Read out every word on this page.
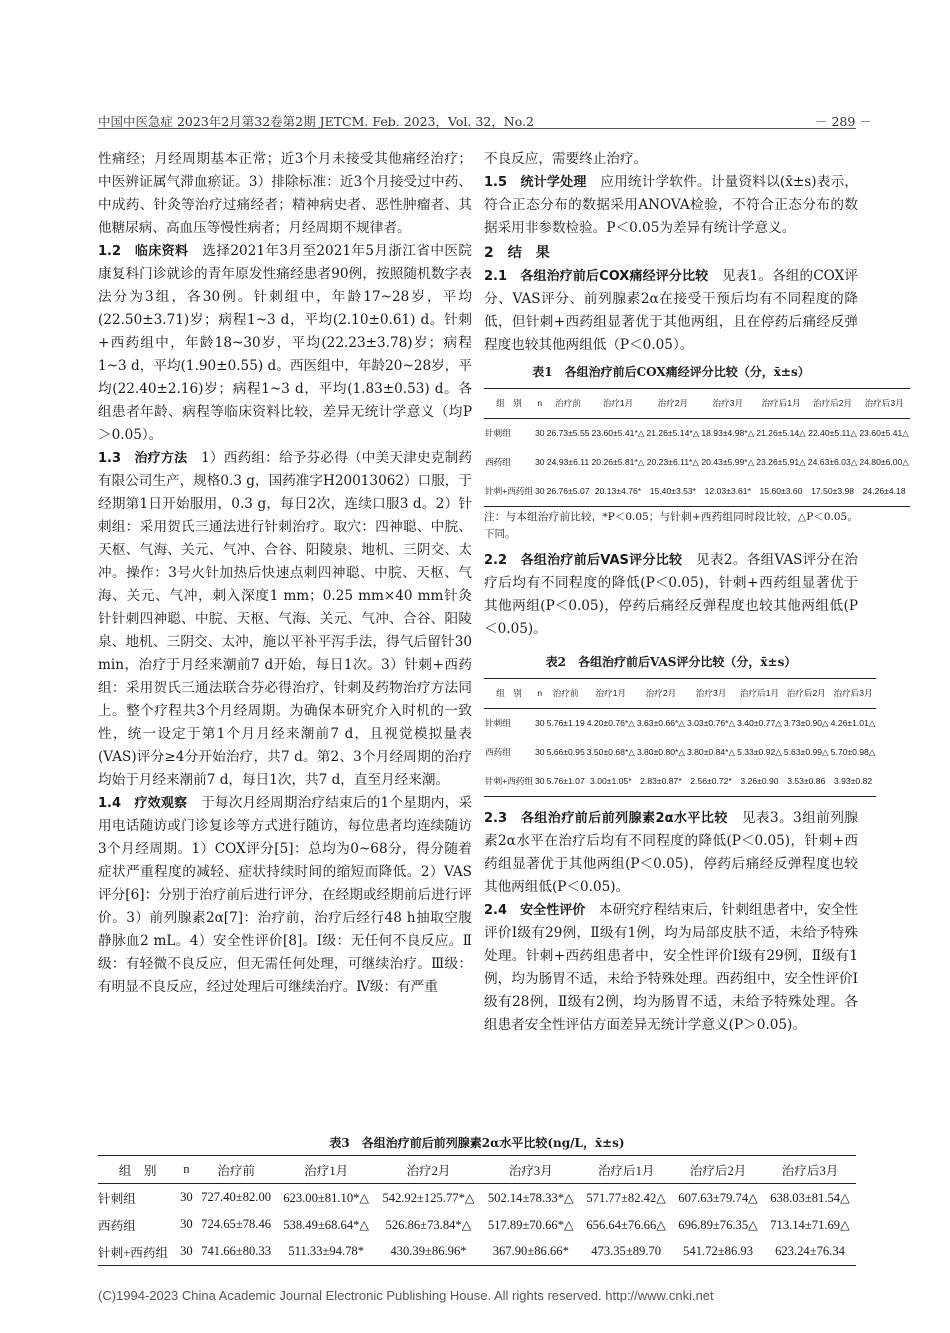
中国中医急症 2023年2月第32卷第2期 JETCM. Feb. 2023，Vol. 32，No.2	－ 289 －

性痛经；月经周期基本正常；近3个月未接受其他痛经治疗；中医辨证属气滞血瘀证。3）排除标准：近3个月接受过中药、中成药、针灸等治疗过痛经者；精神病史者、恶性肿瘤者、其他糖尿病、高血压等慢性病者；月经周期不规律者。

1.2　临床资料　选择2021年3月至2021年5月浙江省中医院康复科门诊就诊的青年原发性痛经患者90例，按照随机数字表法分为3组，各30例。针刺组中，年龄17~28岁，平均(22.50±3.71)岁；病程1~3 d，平均(2.10±0.61) d。针刺+西药组中，年龄18~30岁，平均(22.23±3.78)岁；病程1~3 d，平均(1.90±0.55) d。西医组中，年龄20~28岁，平均(22.40±2.16)岁；病程1~3 d，平均(1.83±0.53) d。各组患者年龄、病程等临床资料比较，差异无统计学意义（均P＞0.05）。

1.3　治疗方法　1）西药组：给予芬必得（中美天津史克制药有限公司生产，规格0.3 g，国药准字H20013062）口服，于经期第1日开始服用，0.3 g，每日2次，连续口服3 d。2）针刺组：采用贺氏三通法进行针刺治疗。取穴：四神聪、中脘、天枢、气海、关元、气冲、合谷、阳陵泉、地机、三阴交、太冲。操作：3号火针加热后快速点刺四神聪、中脘、天枢、气海、关元、气冲，刺入深度1 mm；0.25 mm×40 mm针灸针针刺四神聪、中脘、天枢、气海、关元、气冲、合谷、阳陵泉、地机、三阴交、太冲，施以平补平泻手法，得气后留针30 min，治疗于月经来潮前7 d开始，每日1次。3）针刺+西药组：采用贺氏三通法联合芬必得治疗，针刺及药物治疗方法同上。整个疗程共3个月经周期。为确保本研究介入时机的一致性，统一设定于第1个月月经来潮前7 d，且视觉模拟量表(VAS)评分≥4分开始治疗，共7 d。第2、3个月经周期的治疗均始于月经来潮前7 d，每日1次，共7 d，直至月经来潮。

1.4　疗效观察　于每次月经周期治疗结束后的1个星期内，采用电话随访或门诊复诊等方式进行随访，每位患者均连续随访3个月经周期。1）COX评分[5]：总均为0~68分，得分随着症状严重程度的减轻、症状持续时间的缩短而降低。2）VAS评分[6]：分别于治疗前后进行评分，在经期或经期前后进行评价。3）前列腺素2α[7]：治疗前，治疗后经行48 h抽取空腹静脉血2 mL。4）安全性评价[8]。Ⅰ级：无任何不良反应。Ⅱ级：有轻微不良反应，但无需任何处理，可继续治疗。Ⅲ级：有明显不良反应，经过处理后可继续治疗。Ⅳ级：有严重

不良反应，需要终止治疗。

1.5　统计学处理　应用统计学软件。计量资料以(x̄±s)表示，符合正态分布的数据采用ANOVA检验，不符合正态分布的数据采用非参数检验。P＜0.05为差异有统计学意义。

2　结　果

2.1　各组治疗前后COX痛经评分比较　见表1。各组的COX评分、VAS评分、前列腺素2α在接受干预后均有不同程度的降低，但针刺+西药组显著优于其他两组，且在停药后痛经反弹程度也较其他两组低（P＜0.05）。

表1　各组治疗前后COX痛经评分比较（分，x̄±s）
组　别	n	治疗前	治疗1月	治疗2月	治疗3月	治疗后1月	治疗后2月	治疗后3月
针刺组	30	26.73±5.55	23.60±5.41*△	21.26±5.14*△	18.93±4.98*△	21.26±5.14△	22.40±5.11△	23.60±5.41△
西药组	30	24.93±6.11	20.26±5.81*△	20.23±6.11*△	20.43±5.99*△	23.26±5.91△	24.63±6.03△	24.80±6.00△
针刺+西药组	30	26.76±5.07	20.13±4.76*	15.40±3.53*	12.03±3.61*	15.60±3.60	17.50±3.98	24.26±4.18
注：与本组治疗前比较，*P＜0.05；与针刺+西药组同时段比较，△P＜0.05。下同。

2.2　各组治疗前后VAS评分比较　见表2。各组VAS评分在治疗后均有不同程度的降低(P＜0.05)，针刺+西药组显著优于其他两组(P＜0.05)，停药后痛经反弹程度也较其他两组低(P＜0.05)。

表2　各组治疗前后VAS评分比较（分，x̄±s）
组　别	n	治疗前	治疗1月	治疗2月	治疗3月	治疗后1月	治疗后2月	治疗后3月
针刺组	30	5.76±1.19	4.20±0.76*△	3.63±0.66*△	3.03±0.76*△	3.40±0.77△	3.73±0.90△	4.26±1.01△
西药组	30	5.66±0.95	3.50±0.68*△	3.80±0.80*△	3.80±0.84*△	5.33±0.92△	5.63±0.99△	5.70±0.98△
针刺+西药组	30	5.76±1.07	3.00±1.05*	2.83±0.87*	2.56±0.72*	3.26±0.90	3.53±0.86	3.93±0.82

2.3　各组治疗前后前列腺素2α水平比较　见表3。3组前列腺素2α水平在治疗后均有不同程度的降低(P＜0.05)，针刺+西药组显著优于其他两组(P＜0.05)，停药后痛经反弹程度也较其他两组低(P＜0.05)。

2.4　安全性评价　本研究疗程结束后，针刺组患者中，安全性评价Ⅰ级有29例，Ⅱ级有1例，均为局部皮肤不适，未给予特殊处理。针刺+西药组患者中，安全性评价Ⅰ级有29例，Ⅱ级有1例，均为肠胃不适，未给予特殊处理。西药组中，安全性评价Ⅰ级有28例，Ⅱ级有2例，均为肠胃不适，未给予特殊处理。各组患者安全性评估方面差异无统计学意义(P＞0.05)。

表3　各组治疗前后前列腺素2α水平比较(ng/L，x̄±s)
组　别	n	治疗前	治疗1月	治疗2月	治疗3月	治疗后1月	治疗后2月	治疗后3月
针刺组	30	727.40±82.00	623.00±81.10*△	542.92±125.77*△	502.14±78.33*△	571.77±82.42△	607.63±79.74△	638.03±81.54△
西药组	30	724.65±78.46	538.49±68.64*△	526.86±73.84*△	517.89±70.66*△	656.64±76.66△	696.89±76.35△	713.14±71.69△
针刺+西药组	30	741.66±80.33	511.33±94.78*	430.39±86.96*	367.90±86.66*	473.35±89.70	541.72±86.93	623.24±76.34
(C)1994-2023 China Academic Journal Electronic Publishing House. All rights reserved. http://www.cnki.net
